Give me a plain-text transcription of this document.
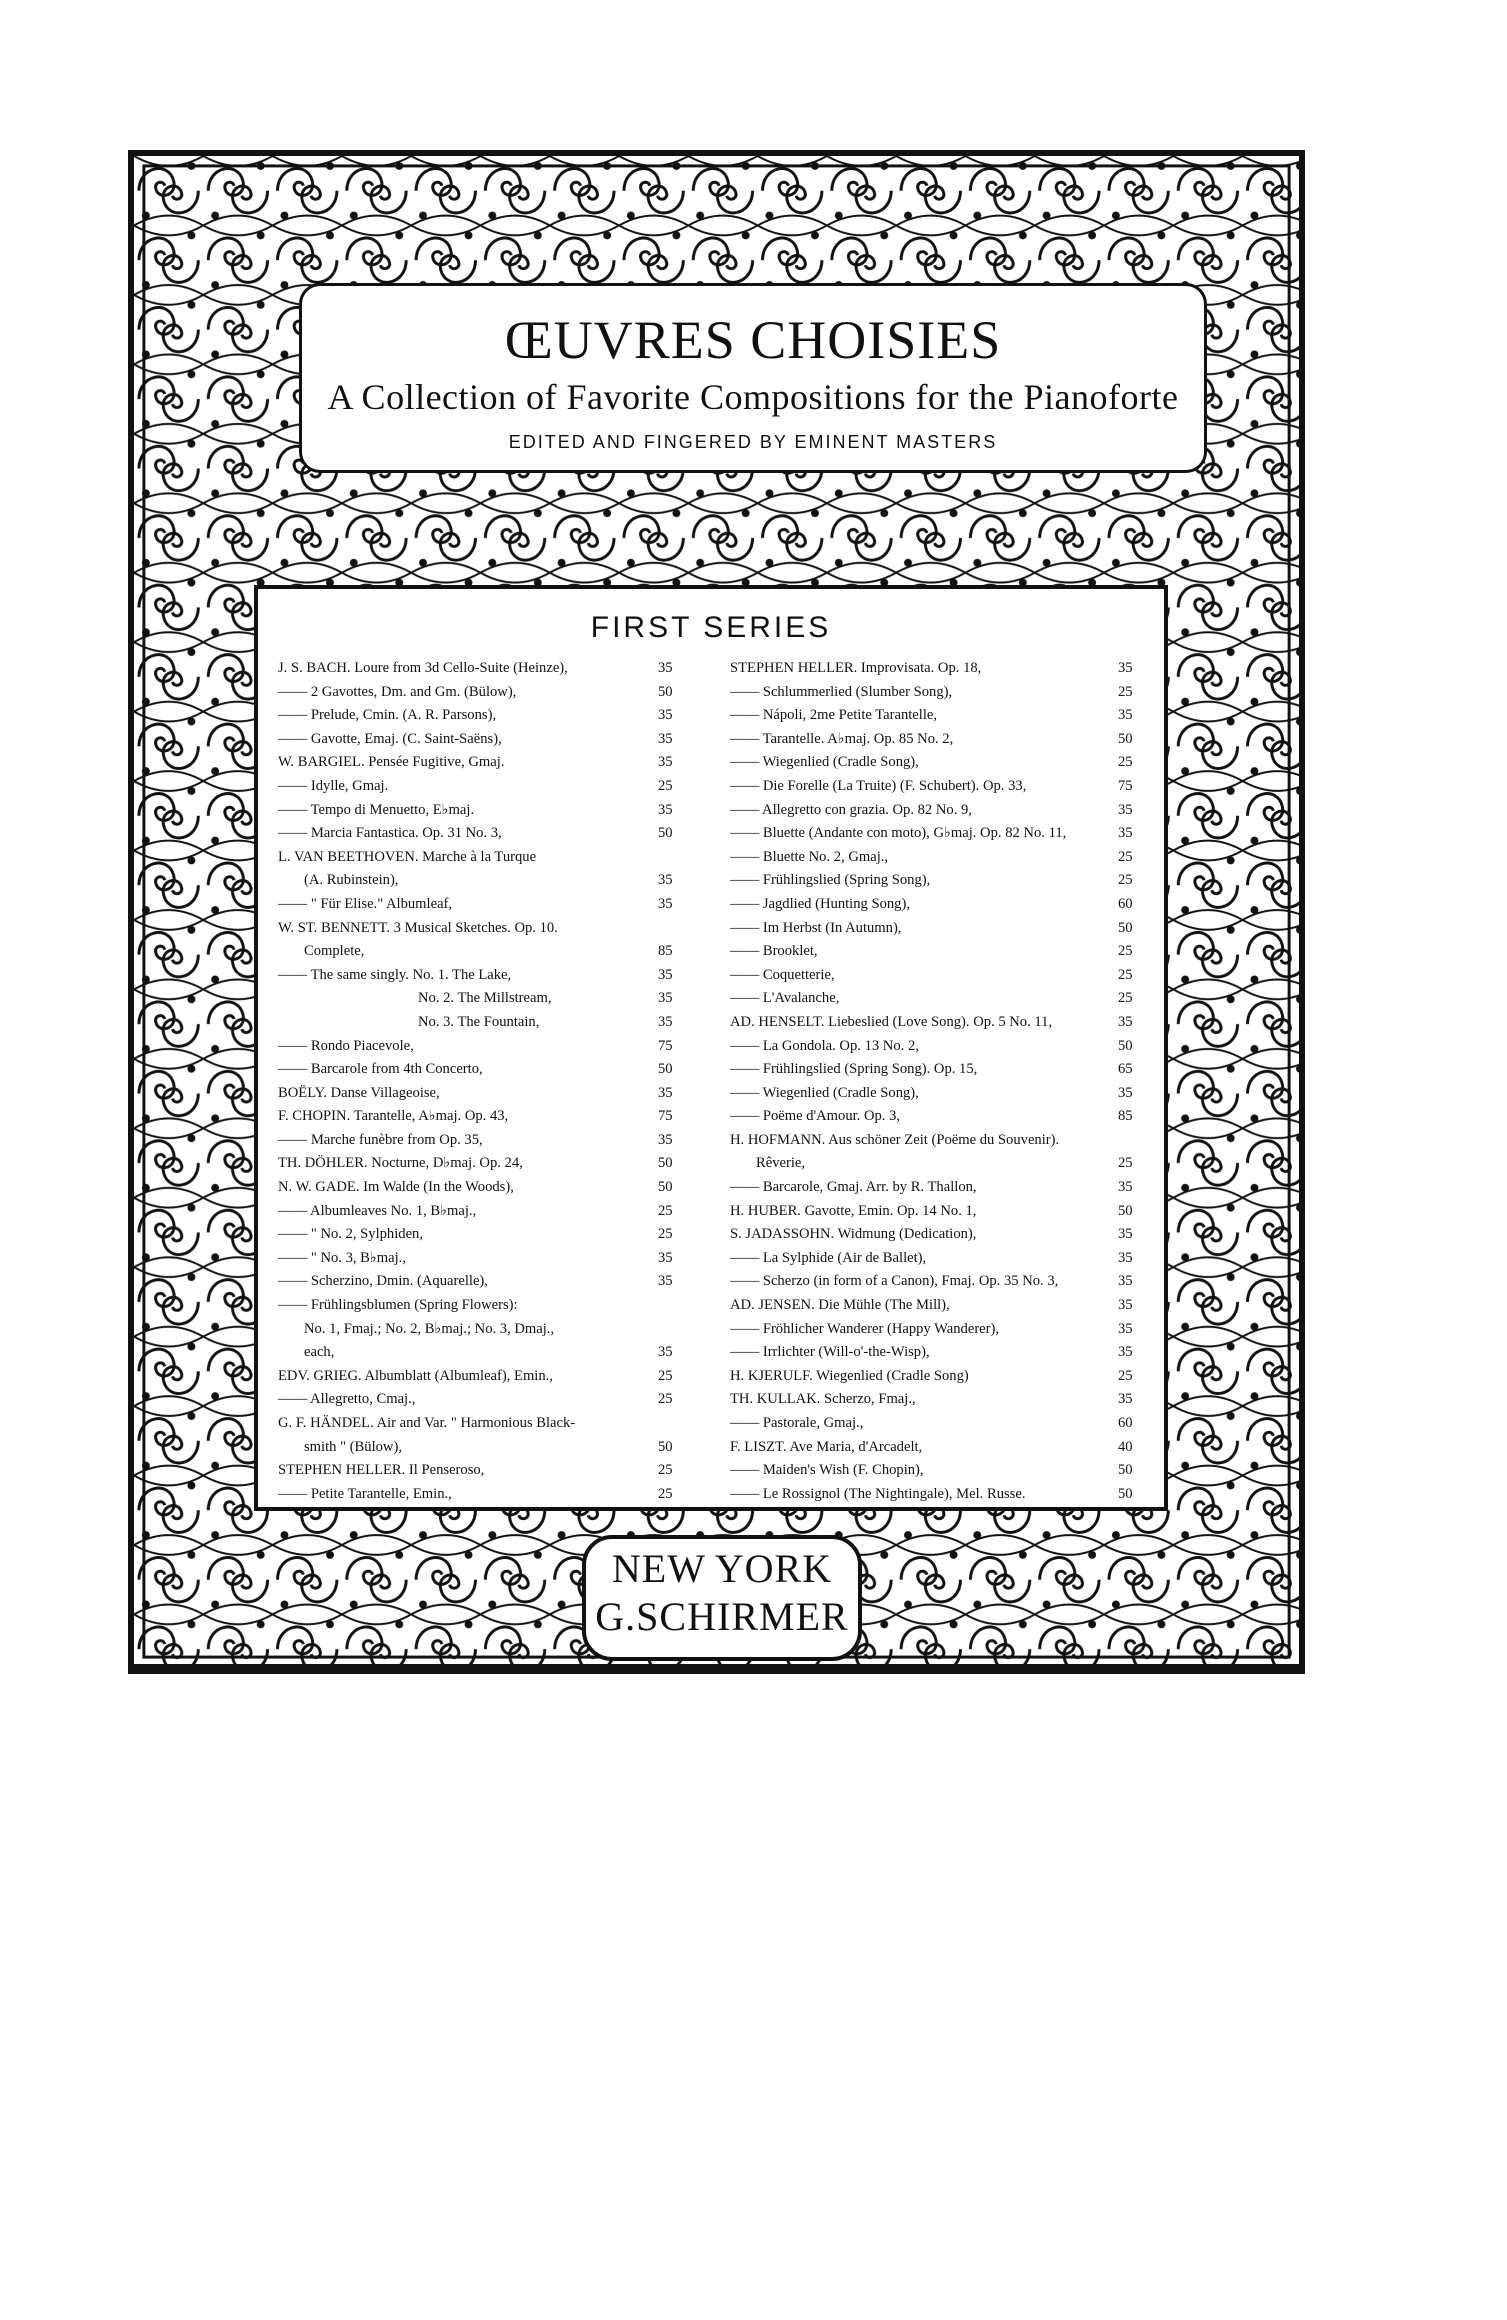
ŒUVRES CHOISIES
A Collection of Favorite Compositions for the Pianoforte
EDITED AND FINGERED BY EMINENT MASTERS
FIRST SERIES
J. S. BACH. Loure from 3d Cello-Suite (Heinze),	35
—— 2 Gavottes, Dm. and Gm. (Bülow),	50
—— Prelude, Cmin. (A. R. Parsons),	35
—— Gavotte, Emaj. (C. Saint-Saëns),	35
W. BARGIEL. Pensée Fugitive, Gmaj.	35
—— Idylle, Gmaj.	25
—— Tempo di Menuetto, E♭maj.	35
—— Marcia Fantastica. Op. 31 No. 3,	50
L. VAN BEETHOVEN. Marche à la Turque
(A. Rubinstein),	35
—— " Für Elise." Albumleaf,	35
W. ST. BENNETT. 3 Musical Sketches. Op. 10.
Complete,	85
—— The same singly. No. 1. The Lake,	35
No. 2. The Millstream,	35
No. 3. The Fountain,	35
—— Rondo Piacevole,	75
—— Barcarole from 4th Concerto,	50
BOËLY. Danse Villageoise,	35
F. CHOPIN. Tarantelle, A♭maj. Op. 43,	75
—— Marche funèbre from Op. 35,	35
TH. DÖHLER. Nocturne, D♭maj. Op. 24,	50
N. W. GADE. Im Walde (In the Woods),	50
—— Albumleaves No. 1, B♭maj.,	25
—— " No. 2, Sylphiden,	25
—— " No. 3, B♭maj.,	35
—— Scherzino, Dmin. (Aquarelle),	35
—— Frühlingsblumen (Spring Flowers):
No. 1, Fmaj.; No. 2, B♭maj.; No. 3, Dmaj.,
each,	35
EDV. GRIEG. Albumblatt (Albumleaf), Emin.,	25
—— Allegretto, Cmaj.,	25
G. F. HÄNDEL. Air and Var. " Harmonious Black-
smith " (Bülow),	50
STEPHEN HELLER. Il Penseroso,	25
—— Petite Tarantelle, Emin.,	25
STEPHEN HELLER. Improvisata. Op. 18,	35
—— Schlummerlied (Slumber Song),	25
—— Nápoli, 2me Petite Tarantelle,	35
—— Tarantelle. A♭maj. Op. 85 No. 2,	50
—— Wiegenlied (Cradle Song),	25
—— Die Forelle (La Truite) (F. Schubert). Op. 33,	75
—— Allegretto con grazia. Op. 82 No. 9,	35
—— Bluette (Andante con moto), G♭maj. Op. 82 No. 11,	35
—— Bluette No. 2, Gmaj.,	25
—— Frühlingslied (Spring Song),	25
—— Jagdlied (Hunting Song),	60
—— Im Herbst (In Autumn),	50
—— Brooklet,	25
—— Coquetterie,	25
—— L'Avalanche,	25
AD. HENSELT. Liebeslied (Love Song). Op. 5 No. 11,	35
—— La Gondola. Op. 13 No. 2,	50
—— Frühlingslied (Spring Song). Op. 15,	65
—— Wiegenlied (Cradle Song),	35
—— Poëme d'Amour. Op. 3,	85
H. HOFMANN. Aus schöner Zeit (Poëme du Souvenir).
Rêverie,	25
—— Barcarole, Gmaj. Arr. by R. Thallon,	35
H. HUBER. Gavotte, Emin. Op. 14 No. 1,	50
S. JADASSOHN. Widmung (Dedication),	35
—— La Sylphide (Air de Ballet),	35
—— Scherzo (in form of a Canon), Fmaj. Op. 35 No. 3,	35
AD. JENSEN. Die Mühle (The Mill),	35
—— Fröhlicher Wanderer (Happy Wanderer),	35
—— Irrlichter (Will-o'-the-Wisp),	35
H. KJERULF. Wiegenlied (Cradle Song)	25
TH. KULLAK. Scherzo, Fmaj.,	35
—— Pastorale, Gmaj.,	60
F. LISZT. Ave Maria, d'Arcadelt,	40
—— Maiden's Wish (F. Chopin),	50
—— Le Rossignol (The Nightingale), Mel. Russe.	50
NEW YORK
G.SCHIRMER
